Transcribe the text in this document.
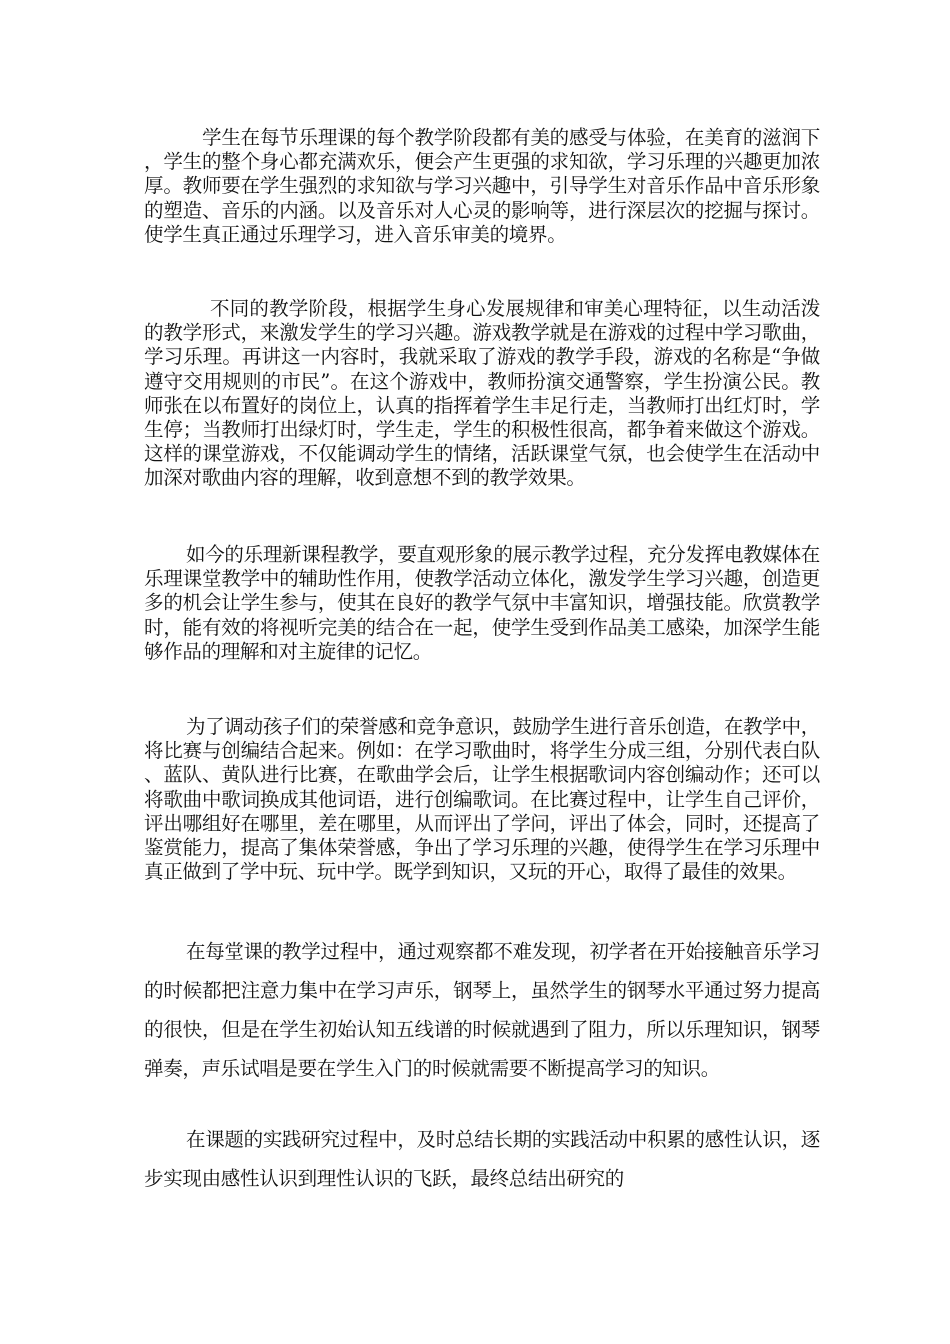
学生在每节乐理课的每个教学阶段都有美的感受与体验，在美育的滋润下，学生的整个身心都充满欢乐，便会产生更强的求知欲，学习乐理的兴趣更加浓厚。教师要在学生强烈的求知欲与学习兴趣中，引导学生对音乐作品中音乐形象的塑造、音乐的内涵。以及音乐对人心灵的影响等，进行深层次的挖掘与探讨。使学生真正通过乐理学习，进入音乐审美的境界。

不同的教学阶段，根据学生身心发展规律和审美心理特征，以生动活泼的教学形式，来激发学生的学习兴趣。游戏教学就是在游戏的过程中学习歌曲，学习乐理。再讲这一内容时，我就采取了游戏的教学手段，游戏的名称是“争做遵守交用规则的市民”。在这个游戏中，教师扮演交通警察，学生扮演公民。教师张在以布置好的岗位上，认真的指挥着学生丰足行走，当教师打出红灯时，学生停；当教师打出绿灯时，学生走，学生的积极性很高，都争着来做这个游戏。这样的课堂游戏，不仅能调动学生的情绪，活跃课堂气氛，也会使学生在活动中加深对歌曲内容的理解，收到意想不到的教学效果。

如今的乐理新课程教学，要直观形象的展示教学过程，充分发挥电教媒体在乐理课堂教学中的辅助性作用，使教学活动立体化，激发学生学习兴趣，创造更多的机会让学生参与，使其在良好的教学气氛中丰富知识，增强技能。欣赏教学时，能有效的将视听完美的结合在一起，使学生受到作品美工感染，加深学生能够作品的理解和对主旋律的记忆。

为了调动孩子们的荣誉感和竞争意识，鼓励学生进行音乐创造，在教学中，将比赛与创编结合起来。例如：在学习歌曲时，将学生分成三组，分别代表白队、蓝队、黄队进行比赛，在歌曲学会后，让学生根据歌词内容创编动作；还可以将歌曲中歌词换成其他词语，进行创编歌词。在比赛过程中，让学生自己评价，评出哪组好在哪里，差在哪里，从而评出了学问，评出了体会，同时，还提高了鉴赏能力，提高了集体荣誉感，争出了学习乐理的兴趣，使得学生在学习乐理中真正做到了学中玩、玩中学。既学到知识，又玩的开心，取得了最佳的效果。

在每堂课的教学过程中，通过观察都不难发现，初学者在开始接触音乐学习的时候都把注意力集中在学习声乐，钢琴上，虽然学生的钢琴水平通过努力提高的很快，但是在学生初始认知五线谱的时候就遇到了阻力，所以乐理知识，钢琴弹奏，声乐试唱是要在学生入门的时候就需要不断提高学习的知识。

在课题的实践研究过程中，及时总结长期的实践活动中积累的感性认识，逐步实现由感性认识到理性认识的飞跃，最终总结出研究的
